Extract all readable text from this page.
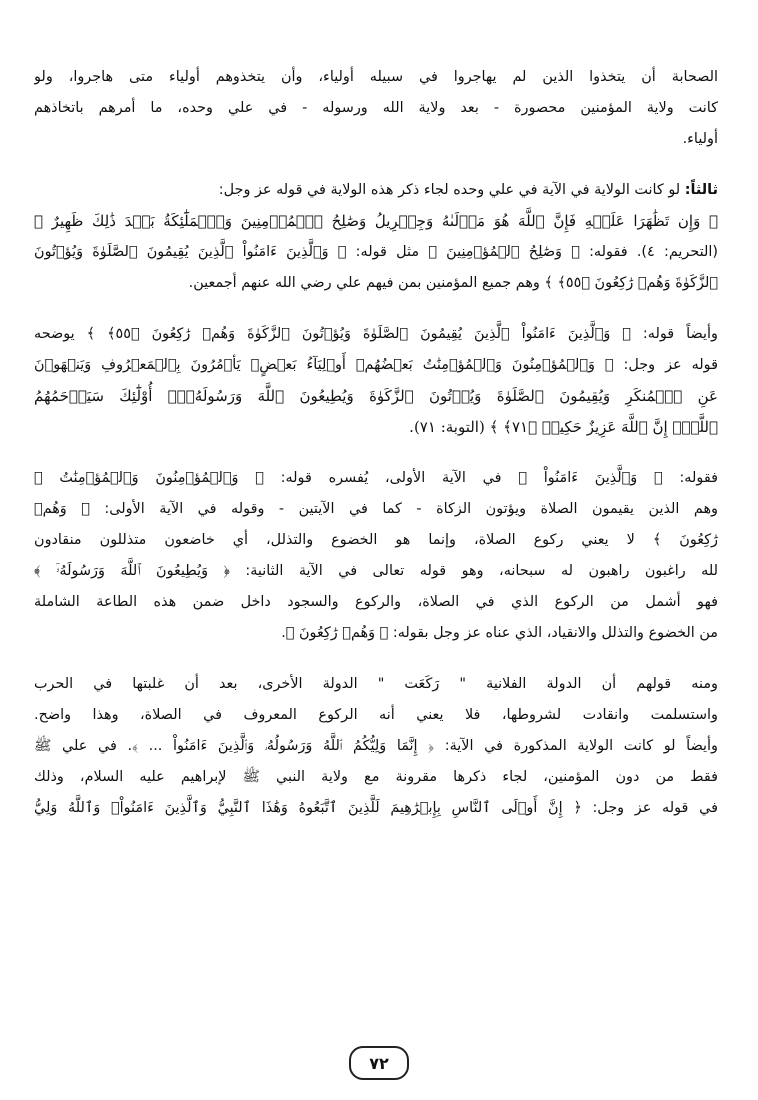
الصحابة أن يتخذوا الذين لم يهاجروا في سبيله أولياء، وأن يتخذوهم أولياء متى هاجروا، ولو
كانت ولاية المؤمنين محصورة - بعد ولاية الله ورسوله - في علي وحده، ما أمرهم باتخاذهم
أولياء.

ثالثاً: لو كانت الولاية في الآية في علي وحده لجاء ذكر هذه الولاية في قوله عز وجل:
﴿ وَإِن تَظَٰهَرَا عَلَيۡهِ فَإِنَّ ٱللَّهَ هُوَ مَوۡلَىٰهُ وَجِبۡرِيلُ وَصَٰلِحُ ٱلۡمُؤۡمِنِينَ وَٱلۡمَلَٰٓئِكَةُ بَعۡدَ ذَٰلِكَ ظَهِيرٌ ﴾
(التحريم: ٤). فقوله: ﴿ وَصَٰلِحُ ٱلۡمُؤۡمِنِينَ ﴾ مثل قوله: ﴿ وَٱلَّذِينَ ءَامَنُواْ ٱلَّذِينَ يُقِيمُونَ ٱلصَّلَوٰةَ وَيُؤۡتُونَ
ٱلزَّكَوٰةَ وَهُمۡ رَٰكِعُونَ ﴿٥٥﴾ ﴾ وهم جميع المؤمنين بمن فيهم علي رضي الله عنهم أجمعين.

وأيضاً قوله: ﴿ وَٱلَّذِينَ ءَامَنُواْ ٱلَّذِينَ يُقِيمُونَ ٱلصَّلَوٰةَ وَيُؤۡتُونَ ٱلزَّكَوٰةَ وَهُمۡ رَٰكِعُونَ ﴿٥٥﴾ ﴾ يوضحه
قوله عز وجل: ﴿ وَٱلۡمُؤۡمِنُونَ وَٱلۡمُؤۡمِنَٰتُ بَعۡضُهُمۡ أَوۡلِيَآءُ بَعۡضٍۚ يَأۡمُرُونَ بِٱلۡمَعۡرُوفِ وَيَنۡهَوۡنَ
عَنِ ٱلۡمُنكَرِ وَيُقِيمُونَ ٱلصَّلَوٰةَ وَيُؤۡتُونَ ٱلزَّكَوٰةَ وَيُطِيعُونَ ٱللَّهَ وَرَسُولَهُۥٓۚ أُوْلَٰٓئِكَ سَيَرۡحَمُهُمُ
ٱللَّهُۗ إِنَّ ٱللَّهَ عَزِيزٌ حَكِيمٞ ﴿٧١﴾ ﴾ (التوبة: ٧١).

فقوله: ﴿ وَٱلَّذِينَ ءَامَنُواْ ﴾ في الآية الأولى، يُفسره قوله: ﴿ وَٱلۡمُؤۡمِنُونَ وَٱلۡمُؤۡمِنَٰتُ ﴾
وهم الذين يقيمون الصلاة ويؤتون الزكاة - كما في الآيتين - وقوله في الآية الأولى: ﴿ وَهُمۡ
رَٰكِعُونَ ﴾ لا يعني ركوع الصلاة، وإنما هو الخضوع والتذلل، أي خاضعون متذللون منقادون
لله راغبون راهبون له سبحانه، وهو قوله تعالى في الآية الثانية: ﴿ وَيُطِيعُونَ ٱللَّهَ وَرَسُولَهُۥٓ ﴾
فهو أشمل من الركوع الذي في الصلاة، والركوع والسجود داخل ضمن هذه الطاعة الشاملة
من الخضوع والتذلل والانقياد، الذي عناه عز وجل بقوله: ﴿ وَهُمۡ رَٰكِعُونَ ﴾.

ومنه قولهم أن الدولة الفلانية " رَكَعَت " الدولة الأخرى، بعد أن غلبتها في الحرب
واستسلمت وانقادت لشروطها، فلا يعني أنه الركوع المعروف في الصلاة، وهذا واضح.
وأيضاً لو كانت الولاية المذكورة في الآية: ﴿ إِنَّمَا وَلِيُّكُمُ ٱللَّهُ وَرَسُولُهُۥ وَٱلَّذِينَ ءَامَنُواْ ... ﴾. في علي ﷺ
فقط من دون المؤمنين، لجاء ذكرها مقرونة مع ولاية النبي ﷺ لإبراهيم عليه السلام، وذلك
في قوله عز وجل: ﴿ إِنَّ أَوۡلَى ٱلنَّاسِ بِإِبۡرَٰهِيمَ لَلَّذِينَ ٱتَّبَعُوهُ وَهَٰذَا ٱلنَّبِيُّ وَٱلَّذِينَ ءَامَنُواْۗ وَٱللَّهُ وَلِيُّ

٧٢
